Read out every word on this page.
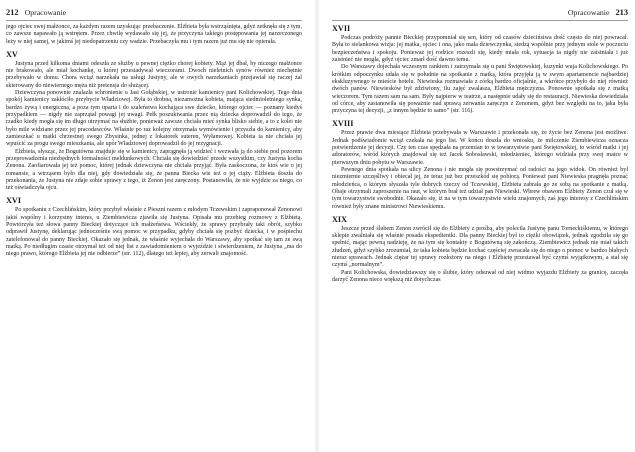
212 Opracowanie

jego ojciec swej małżonce, za każdym razem uzyskując przebaczenie. Elżbieta była wstrząśnięta, gdyż zetknęła się z tym, co zawsze napawało ją wstrętem. Przez chwilę wydawało się jej, że przyczyna takiego postępowania jej narzeczonego leży w niej samej, w jakimś jej niedopatrzeniu czy wadzie. Przebaczyła mu i tym razem już mu się nie opierała.

XV

Justyna przed kilkoma dniami odeszła ze służby u pewnej ciężko chorej kobiety. Mąż jej dbał, by niczego małżonce nie brakowało, ale miał kochankę, u której przesiadywał wieczorami. Dwoch nieletnich synów również niechętnie przebywało w domu. Chora wciąż narzekała na usługi Justyny, ale w owych narzekaniach przejawiał się raczej żal skierowany do niewiernego męża niż pretensja do służącej.

Dziewczyna ponownie znalazła schronienie u Jasi Gołąbskiej, w ustronie kamienicy pani Kolichowskiej. Tego dnia spokój kamienicy zakłóciło przybycie Władziowej. Była to drobna, niezamożna kobieta, mająca siedmioletniego synka, bardzo żywą i energiczna, a poza tym uparta i do szaleństwa kochająca swe dziecko, którego ojciec — poznany kiedyś przypadkiem — nigdy nie zaprzątał powagi jej uwagi. Pełk poszukiwania przez nią dziecka doprowadził do tego, że rzadko kiedy mogła się im długo utrzymać na służbie, ponieważ zawsze chciała mieć synka blisko siebie, a to z kolei nie było mile widziane przez jej pracodawców. Właśnie po raz kolejny otrzymała wymówienie i przyszła do kamienicy, aby zamieszkać u matki chrzestnej swego Zbysinka, jednej z lokatorek suteren, Wyłamowej. Kobieta ta nie chciała jej wpuścić za progu swego mieszkania, ale upór Władziowej doprowadził do jej rezygnacji.

Elżbieta, słysząc, że Bogutówna znajduje się w kamienicy, zaprągnęła ją widzieć i wezwała ją do siebie pod pozorem przeprowadzenia niezbędnych formalności meldunkowych. Chciała się dowiedzieć przede wszystkim, czy Justyna kocha Zenona. Zaofiarowała jej też pomoc, której jednak dziewczyna nie chciała przyjąć. Była zaskoczona, że ktoś wie o jej romansie, a wtrząsem było dla niej, gdy dowiedziała się, że panna Biecka wie też o jej ciąży. Elżbieta doszła do przekonania, że Justyna nie zdaje sobie sprawy z tego, iż Zenon jest zaręczony. Postanowiła, że nie wyjdzie za niego, co też oświadczyła ojcu.

XVI

Po spotkaniu z Czechlińskim, który przybył właśnie z Pieszni razem z młodym Tczewskim i zapraponował Zenonowi jakiś wspólny i korzystny interes, u Ziembiewicza zjawiła się Justyna. Opisała mu przebieg rozmowy z Elżbietą. Powtórzyła też słowa panny Bieckiej dotyczące ich małżeństwa. Wściekły, że sprawy przybrały taki obrót, szybko odprawił Justynę, deklarując jednocześnie swą pomoc w przypadku, gdyby chciała się pozbyć dziecka, i w pośpiechu zatelefonował do panny Bieckiej. Okazało się jednak, że właśnie wyjechała do Warszawy, aby spotkać się tam ze swą matką. Po niedługim czasie otrzymał też od niej list z zawiadomieniem o wyjeździe i stwierdzeniem, że Justyna „ma do niego prawo, którego Elżbieta jej nie odbierze” (str. 112), dlatego też lepiej, aby zerwali znajomość.

213
Opracowanie
XVII

Podczas podróży pannie Bieckiej przypomniał się sen, który od czasów dzieciństwa dość często do niej powracał. Była to sielankowa wizja: jej matka, ojciec i ona, jako mała dziewczynka, siedzą wspólnie przy jednym stole w poczuciu bezpieczeństwa i spokoju. Ponieważ jej rodzice rozeszli się, kiedy miała rok, sytuacja ta nigdy nie zaistniała i już zaistnieć nie mogła, gdyż ojciec zmarł dość dawno temu.

Do Warszawy dojechała wczesnym rankiem i zatrzymała się u pani Świętowskiej, kuzynki wuja Kolichowskiego. Po krótkim odpoczynku udała się w południe na spotkanie z matką, która przyjęła ją w swym apartamencie najbardziej ekskluzywnego w mieście hotelu. Niewieska rozmawiała z córką bardzo oficjalnie, a wkrótce przybyło do niej również dwóch panów. Niewiesków był zdziwiony, ilu zajęć zwalasza, Elżbieta mężczyzna. Ponownie spotkała się z matką wieczorem. Tym razem sam na sam. Były najpierw w teatrze, a następnie udały się do restauracji. Niewieska dowiedziała od córce, aby zastanowiła się poważnie nad sprawą zerwania zaręczyn z Zenonem, gdyż bez względu na to, jaka była przyczyna tej decyzji, „z innym będzie to samo” (str. 116).

XVIII

Przez prawie dwa miesiące Elżbieta przebywała w Warszawie i przekonała się, że życie bez Zenona jest możliwe. Jednak podświadomie wciąż czekała na jego list. W końcu doszła do wniosku, że milczenie Ziembiewicza oznacza potwierdzenie jej decyzji. Czy ten czas spędzała na przemian to w towarzystwie pani Świętowskiej, to wśród matki i jej adoratorów, wśród których znajdował się też Jacek Sobosławski, młodzieniec, którego widziała przy swej matce w pierwszym dniu pobytu w Warszawie.

Pewnego dnia spotkała na ulicy Zenona i nie mogła się powstrzymać od radości na jego widok. On również był niezmiernie szczęśliwy i obiecał jej, że teraz już bez przeszkód się pobiorą. Ponieważ pani Niewieska pragnęła poznać młodzieńca, o którym słyszała tyle dobrych rzeczy od Tczewskiej, Elżbieta zabrała go ze sobą na spotkanie z matką. Obaje otrzymali zaproszenie na raut, w którym brał też udział pan Niewieski. Wbrew obawom Elżbiety Zenon czuł się w tym towarzystwie swobodnie. Okazało się, iż na w tym towarzystwie wielu znajomych, zaś jego interesy z Czechlińskim również były znane ministrowi Niewieskiemu.

XIX

Jeszcze przed ślubem Zenon zwrócił się do Elżbiety z prośbą, aby polecila Justynę panu Torneckiśkiemu, w którego sklepie zwalniała się właśnie posada ekspedientki. Dla panny Bieckiej był to ciężki obowiązek, jednak zgodziła się go spełnić, mając pewną nadzieję, że na tym się kontakty z Bogutówną się zakończą. Ziembiewicz jednak nie miał takich złudzeń, gdyż szybko zrozumiał, że taka kobieta będzie kochać częściej zwracała się do niego o pomoc w bardzo błahych nieraz sprawach. Jednak ciężar tej sprawy rozłożony na niego i Elżbietę przestawał być czymś wyjątkowym, a stał się czymś „normalnym”.

Pani Kolichowska, dowiedziawszy się o ślubie, który odsuwał od niej widmo wyjazdu Elżbiety za granicę, zaczęła darzyć Zenona nieco większą niż dotychczas
